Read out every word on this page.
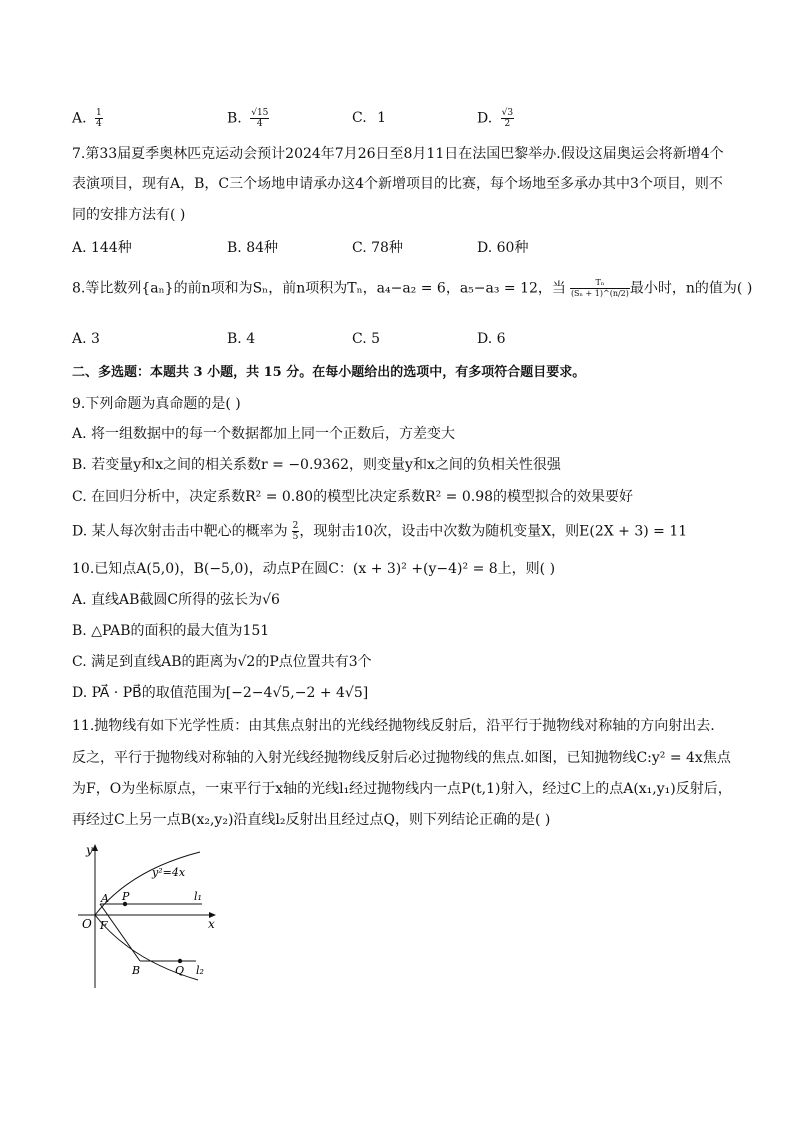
A. $\frac{1}{4}$	B. $\frac{√15}{4}$	C. 1	D. $\frac{√3}{2}$
7.第33届夏季奥林匹克运动会预计2024年7月26日至8月11日在法国巴黎举办.假设这届奥运会将新增4个
表演项目，现有A，B，C三个场地申请承办这4个新增项目的比赛，每个场地至多承办其中3个项目，则不
同的安排方法有( )
A. 144种	B. 84种	C. 78种	D. 60种
8.等比数列{aₙ}的前n项和为Sₙ，前n项积为Tₙ，a₄−a₂ = 6，a₅−a₃ = 12，当 $\frac{\text{Tₙ}}{\text{(Sₙ + 1)\textasciicircum{}(n/2)}}$ 最小时，n的值为( )
A. 3	B. 4	C. 5	D. 6
二、多选题：本题共 3 小题，共 15 分。在每小题给出的选项中，有多项符合题目要求。
9.下列命题为真命题的是( )
A. 将一组数据中的每一个数据都加上同一个正数后，方差变大
B. 若变量y和x之间的相关系数r = −0.9362，则变量y和x之间的负相关性很强
C. 在回归分析中，决定系数R² = 0.80的模型比决定系数R² = 0.98的模型拟合的效果要好
D. 某人每次射击击中靶心的概率为 $\frac{2}{5}$ ，现射击10次，设击中次数为随机变量X，则E(2X + 3) = 11
10.已知点A(5,0)，B(−5,0)，动点P在圆C：(x + 3)² +(y−4)² = 8上，则( )
A. 直线AB截圆C所得的弦长为√6
B. △PAB的面积的最大值为151
C. 满足到直线AB的距离为√2的P点位置共有3个
D. PA⃗ · PB⃗的取值范围为[−2−4√5,−2 + 4√5]
11.抛物线有如下光学性质：由其焦点射出的光线经抛物线反射后，沿平行于抛物线对称轴的方向射出去.
反之，平行于抛物线对称轴的入射光线经抛物线反射后必过抛物线的焦点.如图，已知抛物线C:y² = 4x焦点
为F，O为坐标原点，一束平行于x轴的光线l₁经过抛物线内一点P(t,1)射入，经过C上的点A(x₁,y₁)反射后，
再经过C上另一点B(x₂,y₂)沿直线l₂反射出且经过点Q，则下列结论正确的是( )
y
x
y²=4x
O F
A P
B	Q
l₁
l₂
